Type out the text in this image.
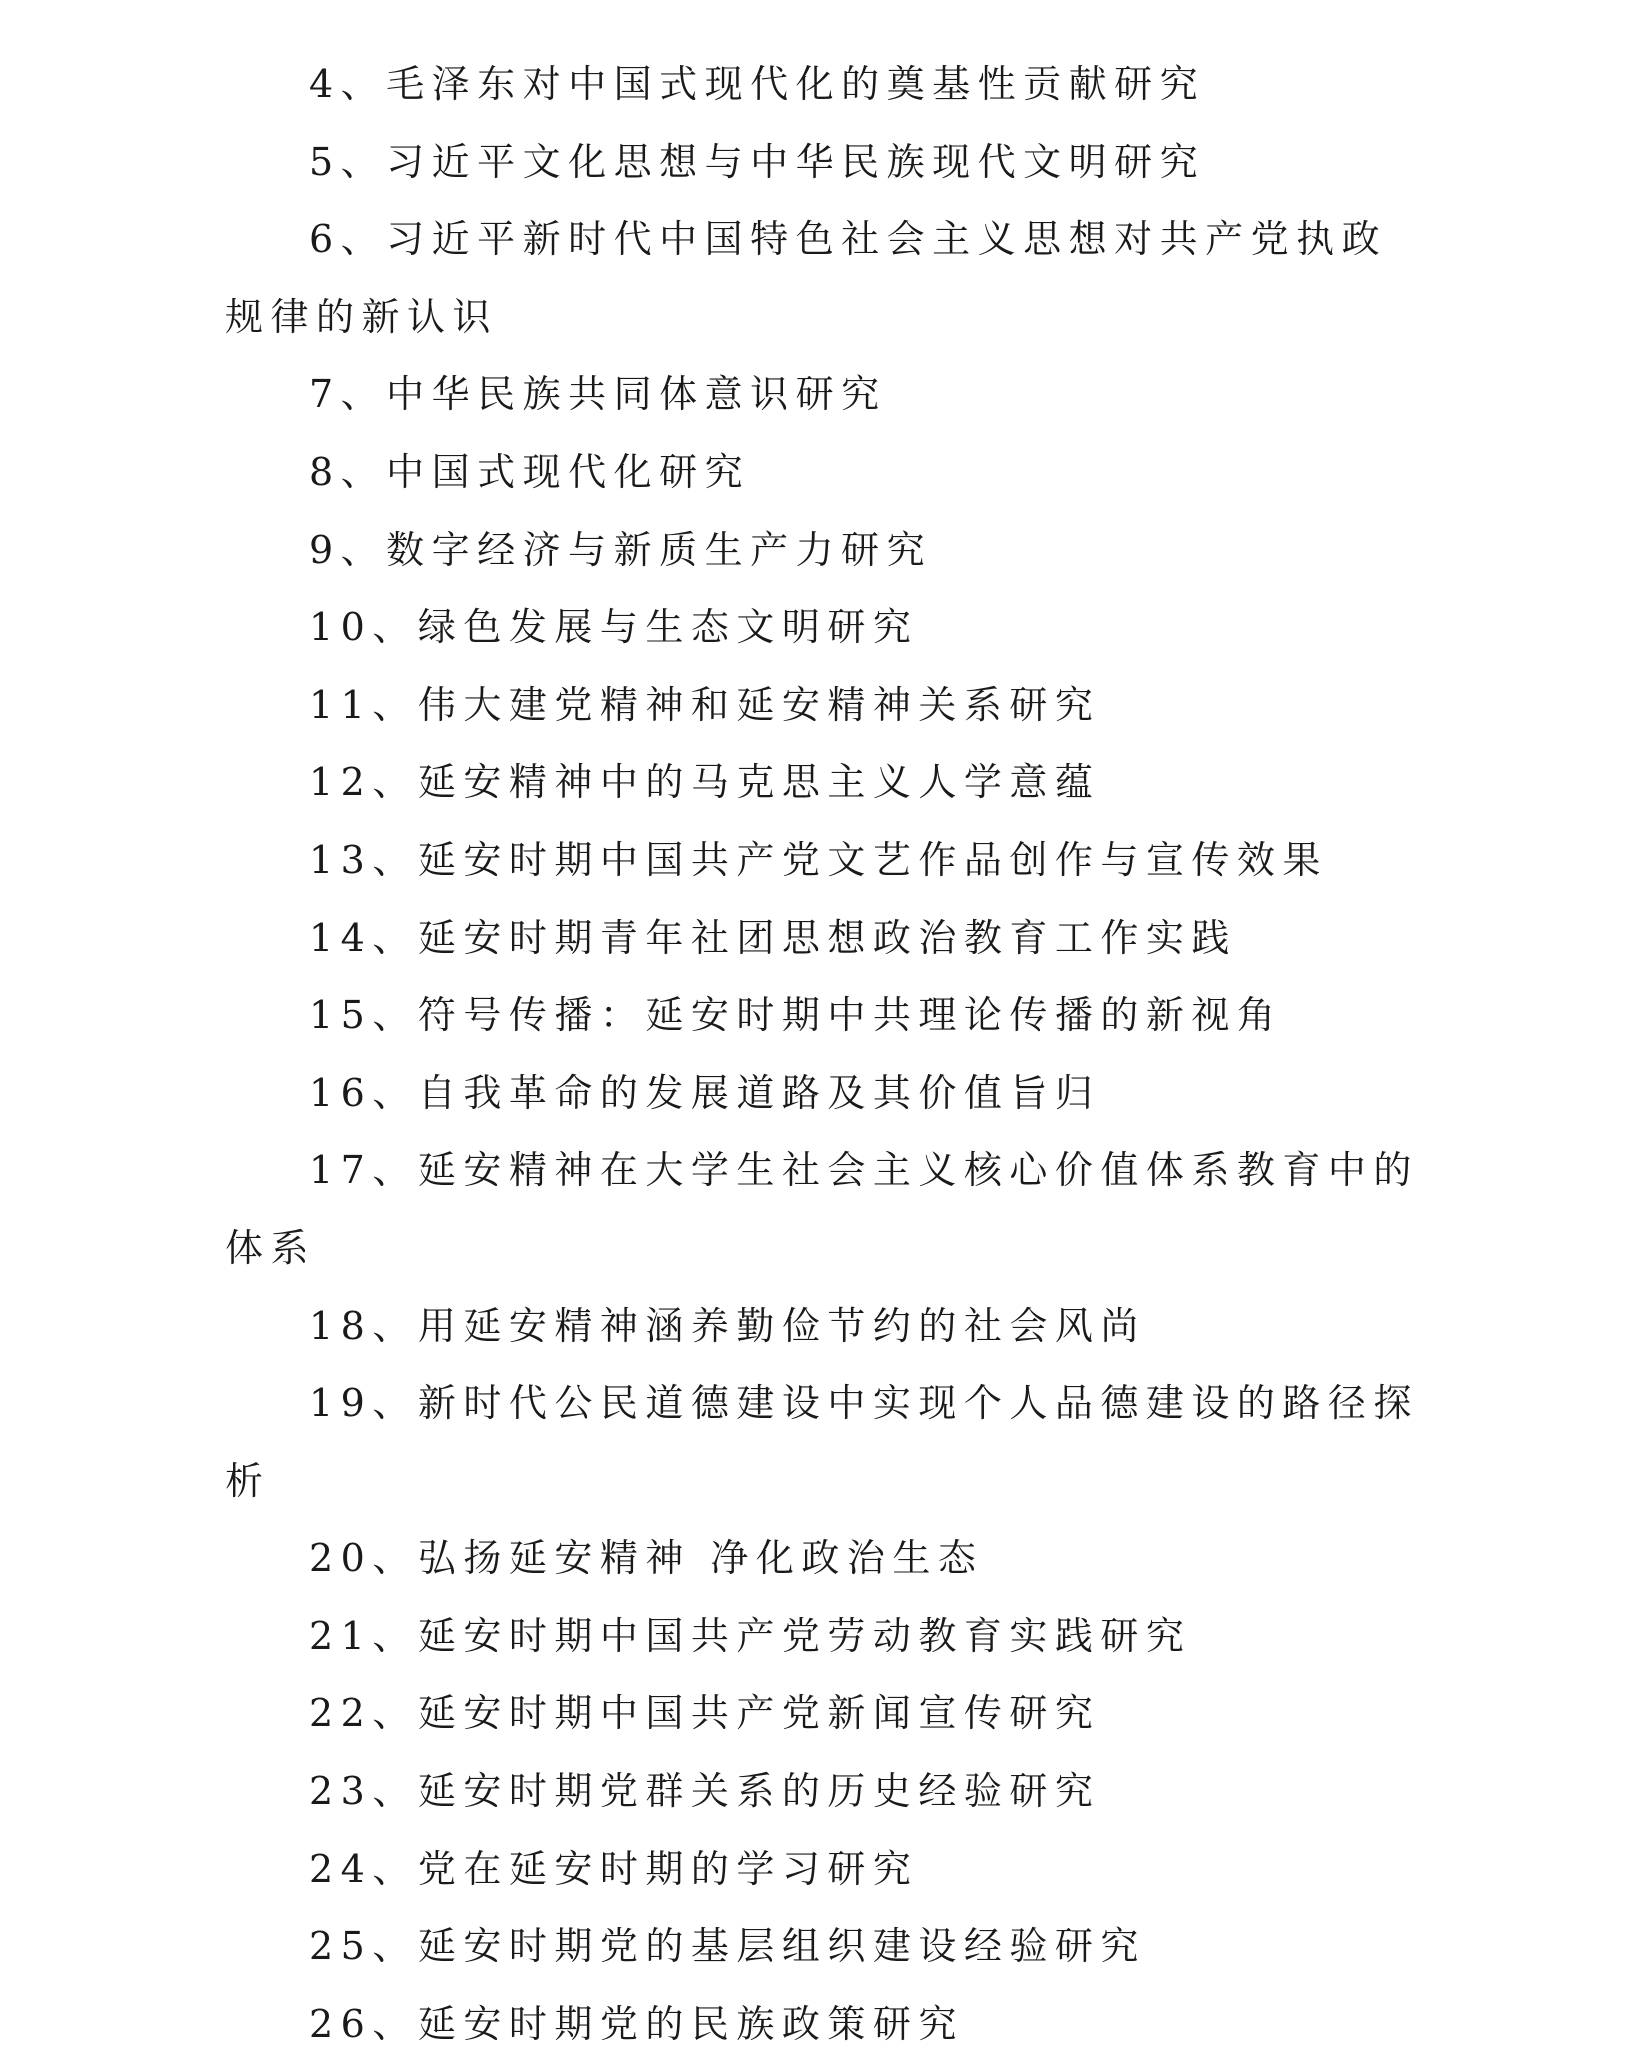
4、毛泽东对中国式现代化的奠基性贡献研究
5、习近平文化思想与中华民族现代文明研究
6、习近平新时代中国特色社会主义思想对共产党执政规律的新认识
7、中华民族共同体意识研究
8、中国式现代化研究
9、数字经济与新质生产力研究
10、绿色发展与生态文明研究
11、伟大建党精神和延安精神关系研究
12、延安精神中的马克思主义人学意蕴
13、延安时期中国共产党文艺作品创作与宣传效果
14、延安时期青年社团思想政治教育工作实践
15、符号传播：延安时期中共理论传播的新视角
16、自我革命的发展道路及其价值旨归
17、延安精神在大学生社会主义核心价值体系教育中的体系
18、用延安精神涵养勤俭节约的社会风尚
19、新时代公民道德建设中实现个人品德建设的路径探析
20、弘扬延安精神 净化政治生态
21、延安时期中国共产党劳动教育实践研究
22、延安时期中国共产党新闻宣传研究
23、延安时期党群关系的历史经验研究
24、党在延安时期的学习研究
25、延安时期党的基层组织建设经验研究
26、延安时期党的民族政策研究
